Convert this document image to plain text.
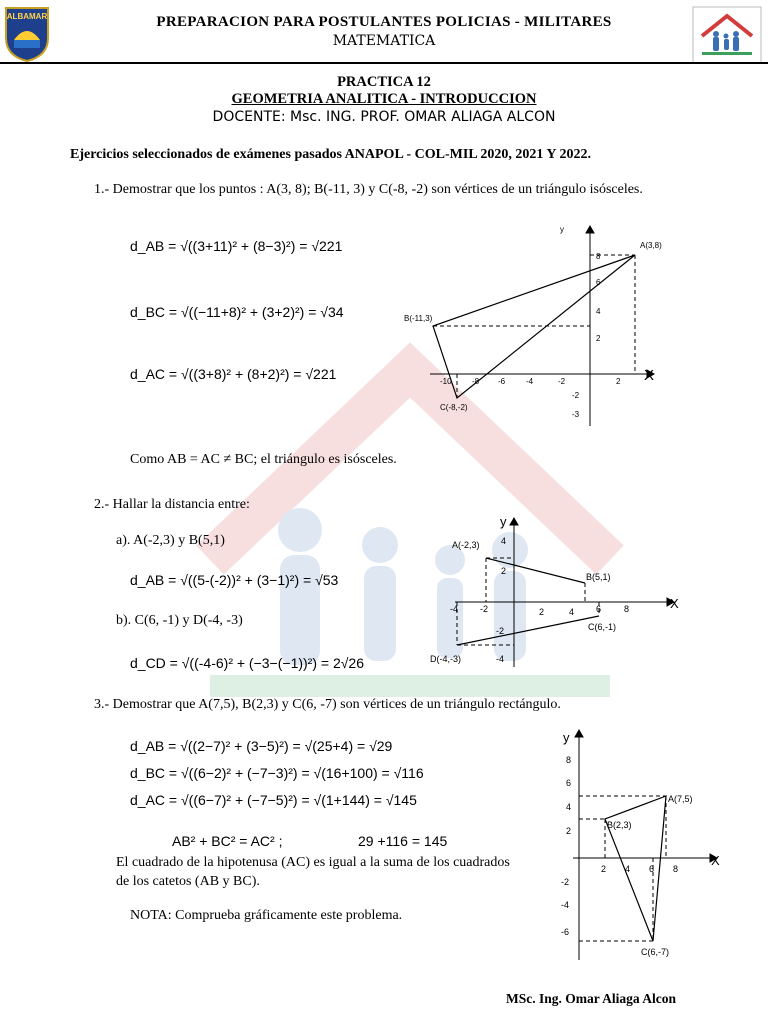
ALBAMAR	PREPARACION PARA POSTULANTES POLICIAS - MILITARES
MATEMATICA
PRACTICA 12
GEOMETRIA ANALITICA - INTRODUCCION
DOCENTE: Msc. ING. PROF. OMAR ALIAGA ALCON
Ejercicios seleccionados de exámenes pasados ANAPOL - COL-MIL 2020, 2021 Y 2022.
1.- Demostrar que los puntos : A(3, 8); B(-11, 3) y C(-8, -2) son vértices de un triángulo isósceles.
d_AB = √((3+11)² + (8−3)²) = √221
d_BC = √((−11+8)² + (3+2)²) = √34
d_AC = √((3+8)² + (8+2)²) = √221
Como AB = AC ≠ BC; el triángulo es isósceles.
y
X
A(3,8)
B(-11,3)
C(-8,-2)
-10	-8 -6	-4	-2	2
8
6
4
2
-2
-3
2.- Hallar la distancia entre:
a). A(-2,3) y B(5,1)
d_AB = √((5-(-2))² + (3−1)²) = √53
b). C(6, -1) y D(-4, -3)
d_CD = √((-4-6)² + (−3−(−1))²) = 2√26
y
X
A(-2,3)
B(5,1)
C(6,-1)
D(-4,-3)
-4 -2	2	4 6	8
4
2
-2
-4
3.- Demostrar que A(7,5), B(2,3) y C(6, -7) son vértices de un triángulo rectángulo.
d_AB = √((2−7)² + (3−5)²) = √(25+4) = √29
d_BC = √((6−2)² + (−7−3)²) = √(16+100) = √116
d_AC = √((6−7)² + (−7−5)²) = √(1+144) = √145
AB² + BC² = AC² ;	29 +116 = 145
El cuadrado de la hipotenusa (AC) es igual a la suma de los cuadrados
de los catetos (AB y BC).
NOTA: Comprueba gráficamente este problema.
y
X
A(7,5)
B(2,3)
C(6,-7)
2 4 6 8
8
6
4
2
-2
-4
-6
MSc. Ing. Omar Aliaga Alcon
